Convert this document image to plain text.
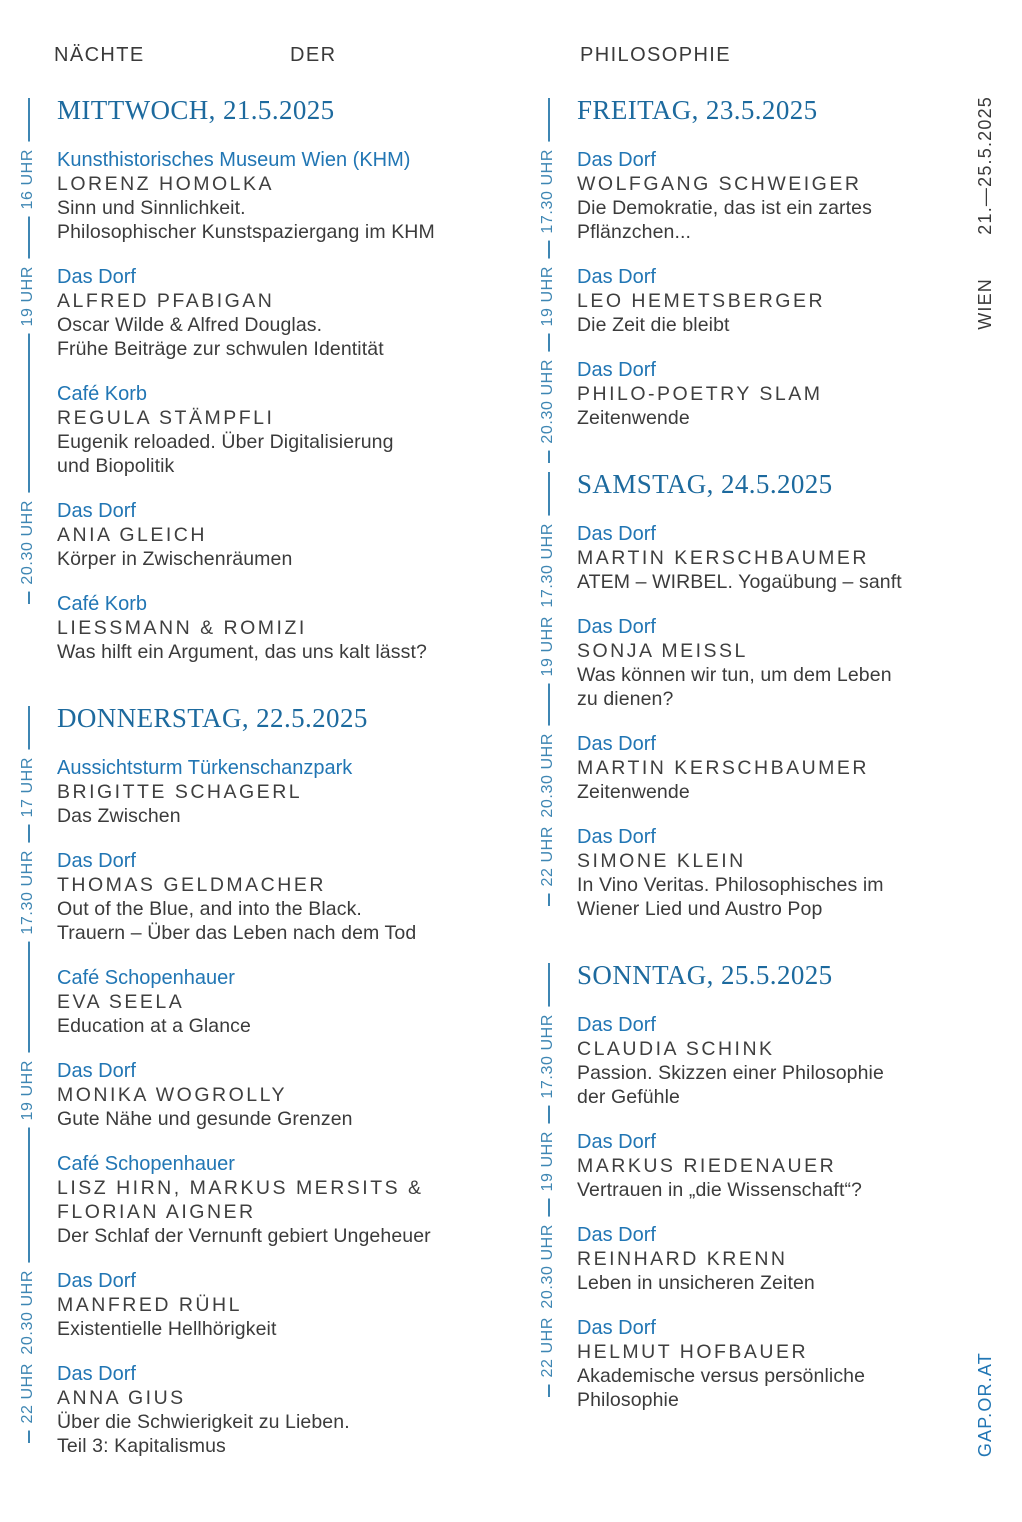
NÄCHTE	DER	PHILOSOPHIE
MITTWOCH, 21.5.2025
16 UHR Kunsthistorisches Museum Wien (KHM)
LORENZ HOMOLKA
Sinn und Sinnlichkeit.
Philosophischer Kunstspaziergang im KHM
19 UHR Das Dorf
ALFRED PFABIGAN
Oscar Wilde & Alfred Douglas.
Frühe Beiträge zur schwulen Identität
Café Korb
REGULA STÄMPFLI
Eugenik reloaded. Über Digitalisierung
und Biopolitik
20.30 UHR Das Dorf
ANIA GLEICH
Körper in Zwischenräumen
Café Korb
LIESSMANN & ROMIZI
Was hilft ein Argument, das uns kalt lässt?
DONNERSTAG, 22.5.2025
17 UHR Aussichtsturm Türkenschanzpark
BRIGITTE SCHAGERL
Das Zwischen
17.30 UHR Das Dorf
THOMAS GELDMACHER
Out of the Blue, and into the Black.
Trauern – Über das Leben nach dem Tod
Café Schopenhauer
EVA SEELA
Education at a Glance
19 UHR Das Dorf
MONIKA WOGROLLY
Gute Nähe und gesunde Grenzen
Café Schopenhauer
LISZ HIRN, MARKUS MERSITS &
FLORIAN AIGNER
Der Schlaf der Vernunft gebiert Ungeheuer
20.30 UHR Das Dorf
MANFRED RÜHL
Existentielle Hellhörigkeit
22 UHR Das Dorf
ANNA GIUS
Über die Schwierigkeit zu Lieben.
Teil 3: Kapitalismus
FREITAG, 23.5.2025
17.30 UHR Das Dorf
WOLFGANG SCHWEIGER
Die Demokratie, das ist ein zartes
Pflänzchen...
19 UHR Das Dorf
LEO HEMETSBERGER
Die Zeit die bleibt
20.30 UHR Das Dorf
PHILO-POETRY SLAM
Zeitenwende
SAMSTAG, 24.5.2025
17.30 UHR Das Dorf
MARTIN KERSCHBAUMER
ATEM – WIRBEL. Yogaübung – sanft
19 UHR Das Dorf
SONJA MEISSL
Was können wir tun, um dem Leben
zu dienen?
20.30 UHR Das Dorf
MARTIN KERSCHBAUMER
Zeitenwende
22 UHR Das Dorf
SIMONE KLEIN
In Vino Veritas. Philosophisches im
Wiener Lied und Austro Pop
SONNTAG, 25.5.2025
17.30 UHR Das Dorf
CLAUDIA SCHINK
Passion. Skizzen einer Philosophie
der Gefühle
19 UHR Das Dorf
MARKUS RIEDENAUER
Vertrauen in „die Wissenschaft“?
20.30 UHR Das Dorf
REINHARD KRENN
Leben in unsicheren Zeiten
22 UHR Das Dorf
HELMUT HOFBAUER
Akademische versus persönliche
Philosophie
21.—25.5.2025
WIEN
GAP.OR.AT
